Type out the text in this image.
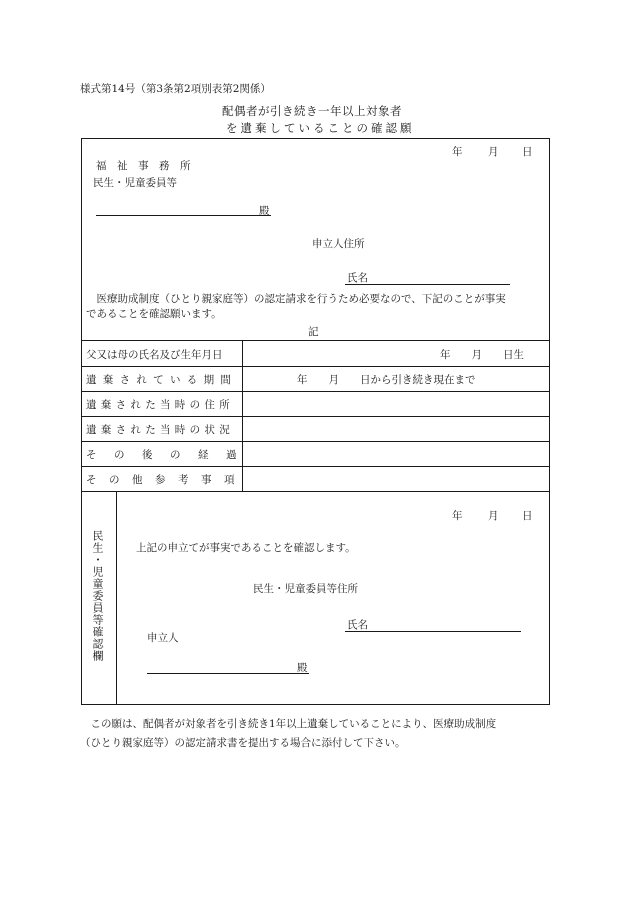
様式第14号（第3条第2項別表第2関係）
配偶者が引き続き一年以上対象者
を遺棄していることの確認願
年 月 日
福　祉　事　務　所
民生・児童委員等
殿
申立人住所
氏名
　医療助成制度（ひとり親家庭等）の認定請求を行うため必要なので、下記のことが事実
であることを確認願います。
記
父又は母の氏名及び生年月日	年　　月　　日生
遺棄されている期間	年　　月　　日から引き続き現在まで
遺棄された当時の住所
遺棄された当時の状況
その後の経過
その他参考事項
民生・児童委員等確認欄
年 月 日
上記の申立てが事実であることを確認します。
民生・児童委員等住所
氏名
申立人
殿
　この願は、配偶者が対象者を引き続き1年以上遺棄していることにより、医療助成制度
（ひとり親家庭等）の認定請求書を提出する場合に添付して下さい。
